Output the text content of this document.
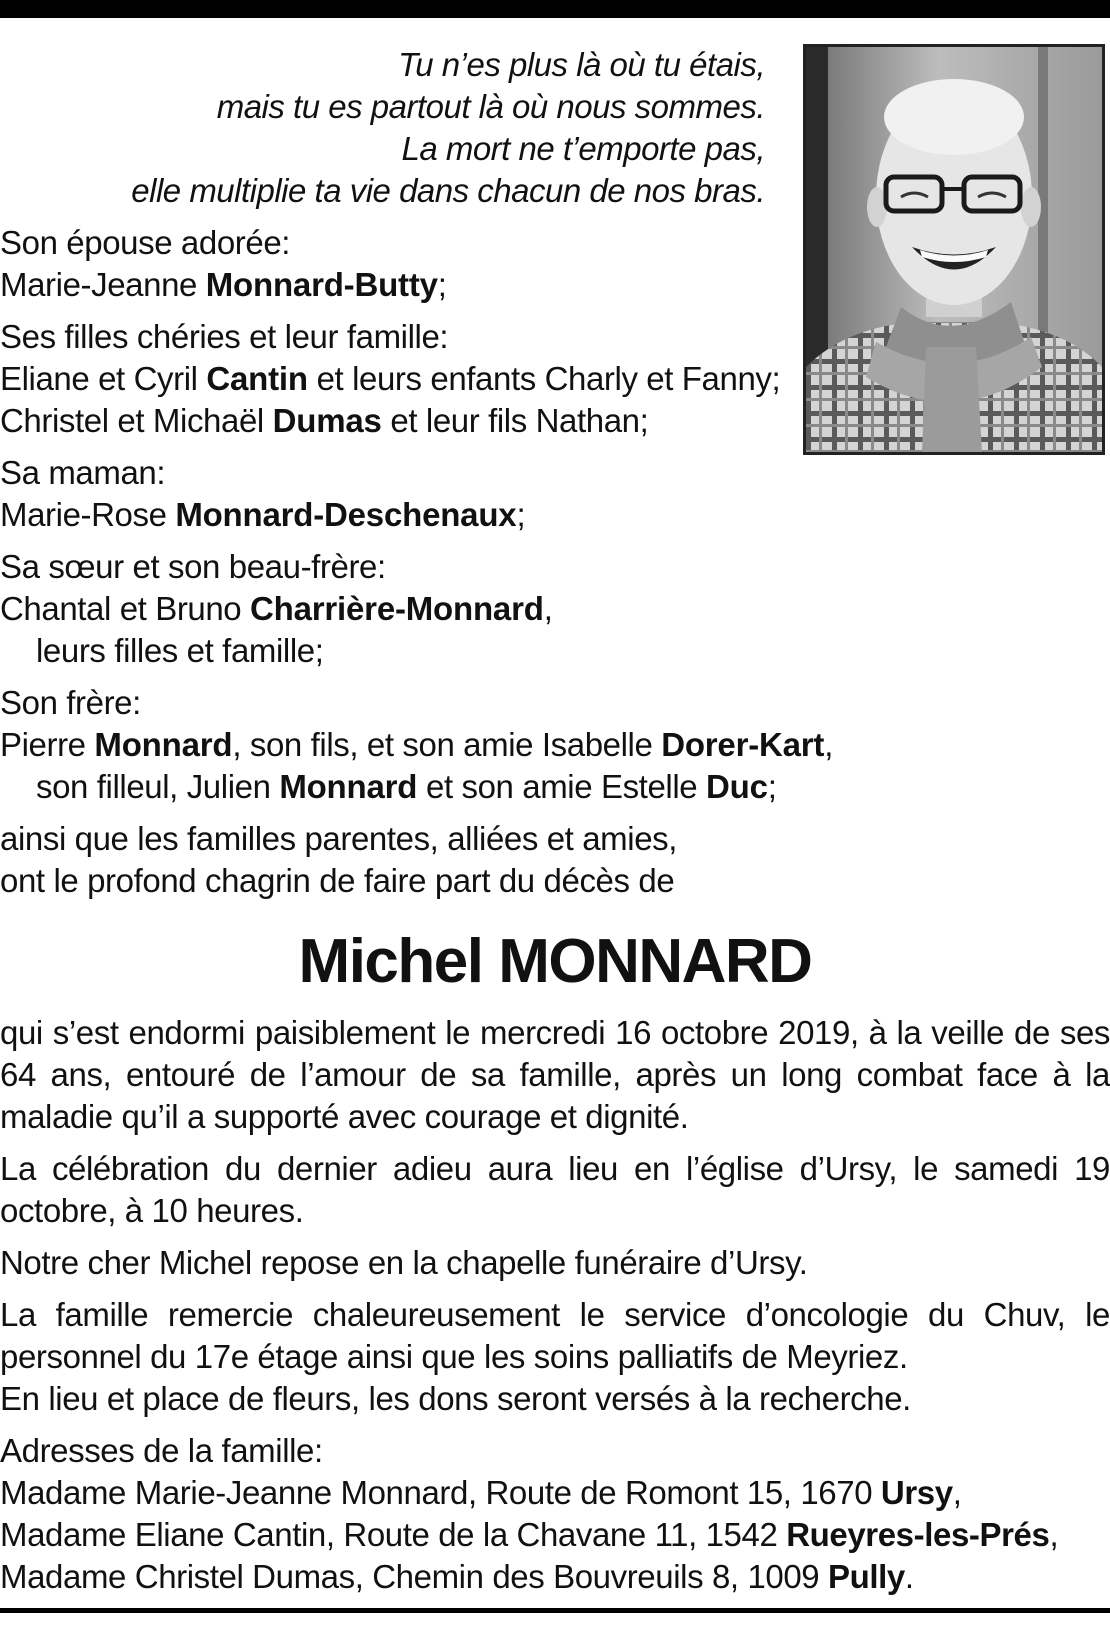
Tu n’es plus là où tu étais,
mais tu es partout là où nous sommes.
La mort ne t’emporte pas,
elle multiplie ta vie dans chacun de nos bras.
Son épouse adorée:
Marie-Jeanne Monnard-Butty;
Ses filles chéries et leur famille:
Eliane et Cyril Cantin et leurs enfants Charly et Fanny;
Christel et Michaël Dumas et leur fils Nathan;
Sa maman:
Marie-Rose Monnard-Deschenaux;
Sa sœur et son beau-frère:
Chantal et Bruno Charrière-Monnard,
leurs filles et famille;
Son frère:
Pierre Monnard, son fils, et son amie Isabelle Dorer-Kart,
son filleul, Julien Monnard et son amie Estelle Duc;
ainsi que les familles parentes, alliées et amies,
ont le profond chagrin de faire part du décès de
Michel MONNARD
qui s’est endormi paisiblement le mercredi 16 octobre 2019, à la veille de ses 64 ans, entouré de l’amour de sa famille, après un long combat face à la maladie qu’il a supporté avec courage et dignité.
La célébration du dernier adieu aura lieu en l’église d’Ursy, le samedi 19 octobre, à 10 heures.
Notre cher Michel repose en la chapelle funéraire d’Ursy.
La famille remercie chaleureusement le service d’oncologie du Chuv, le personnel du 17e étage ainsi que les soins palliatifs de Meyriez.
En lieu et place de fleurs, les dons seront versés à la recherche.
Adresses de la famille:
Madame Marie-Jeanne Monnard, Route de Romont 15, 1670 Ursy,
Madame Eliane Cantin, Route de la Chavane 11, 1542 Rueyres-les-Prés,
Madame Christel Dumas, Chemin des Bouvreuils 8, 1009 Pully.
